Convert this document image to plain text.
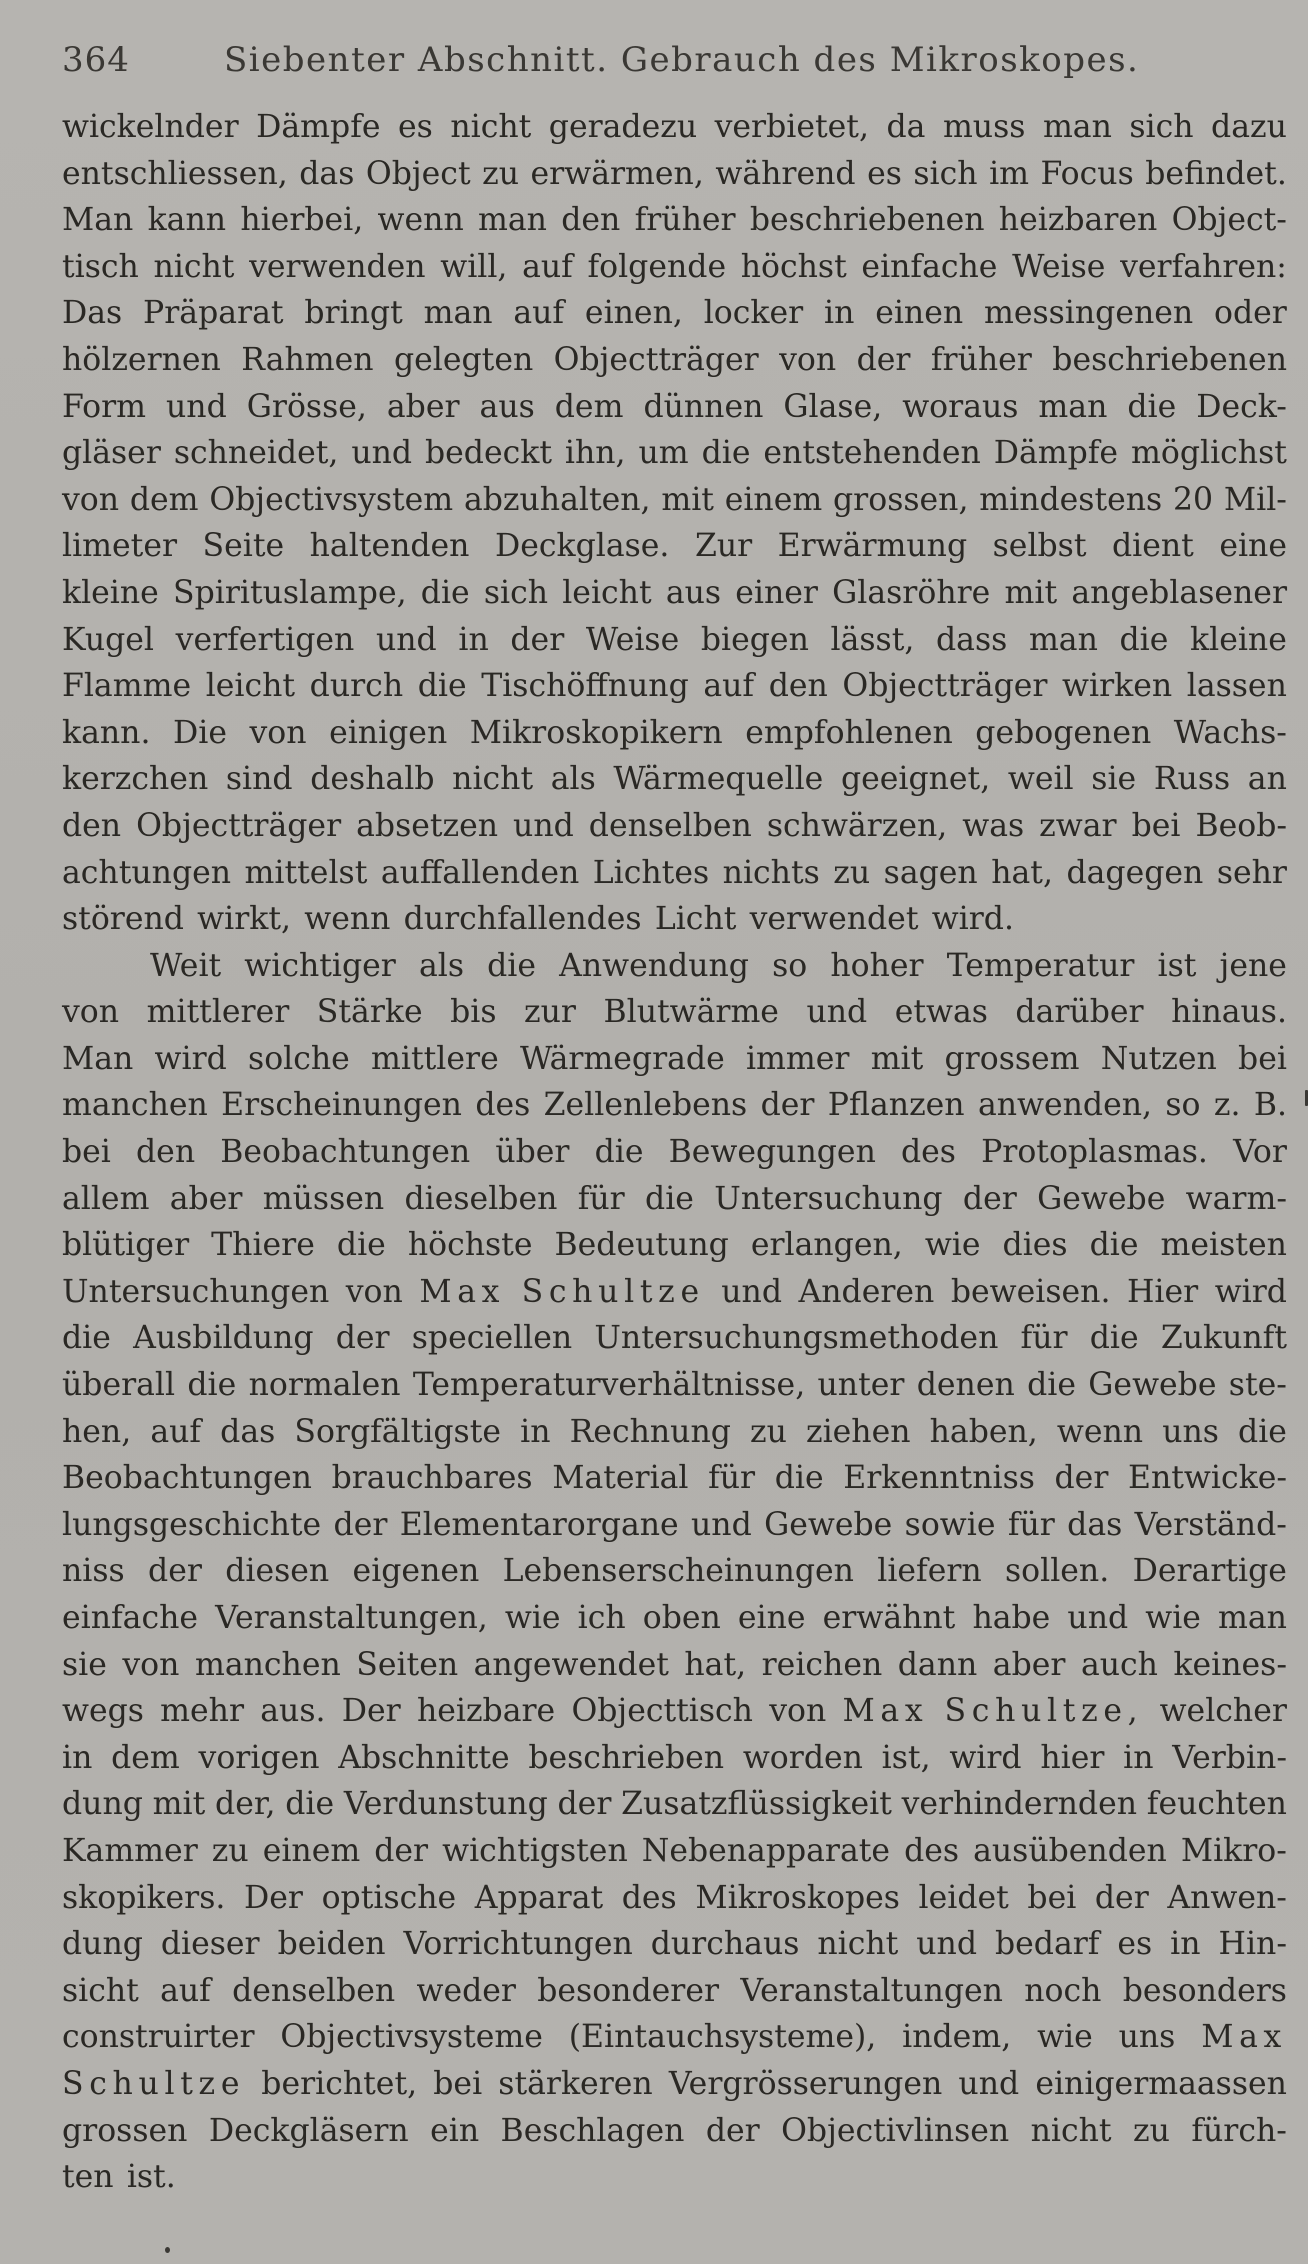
364	Siebenter Abschnitt. Gebrauch des Mikroskopes.
wickelnder Dämpfe es nicht geradezu verbietet, da muss man sich dazu
entschliessen, das Object zu erwärmen, während es sich im Focus befindet.
Man kann hierbei, wenn man den früher beschriebenen heizbaren Object-
tisch nicht verwenden will, auf folgende höchst einfache Weise verfahren:
Das Präparat bringt man auf einen, locker in einen messingenen oder
hölzernen Rahmen gelegten Objectträger von der früher beschriebenen
Form und Grösse, aber aus dem dünnen Glase, woraus man die Deck-
gläser schneidet, und bedeckt ihn, um die entstehenden Dämpfe möglichst
von dem Objectivsystem abzuhalten, mit einem grossen, mindestens 20 Mil-
limeter Seite haltenden Deckglase. Zur Erwärmung selbst dient eine
kleine Spirituslampe, die sich leicht aus einer Glasröhre mit angeblasener
Kugel verfertigen und in der Weise biegen lässt, dass man die kleine
Flamme leicht durch die Tischöffnung auf den Objectträger wirken lassen
kann. Die von einigen Mikroskopikern empfohlenen gebogenen Wachs-
kerzchen sind deshalb nicht als Wärmequelle geeignet, weil sie Russ an
den Objectträger absetzen und denselben schwärzen, was zwar bei Beob-
achtungen mittelst auffallenden Lichtes nichts zu sagen hat, dagegen sehr
störend wirkt, wenn durchfallendes Licht verwendet wird.
Weit wichtiger als die Anwendung so hoher Temperatur ist jene
von mittlerer Stärke bis zur Blutwärme und etwas darüber hinaus.
Man wird solche mittlere Wärmegrade immer mit grossem Nutzen bei
manchen Erscheinungen des Zellenlebens der Pflanzen anwenden, so z. B.
bei den Beobachtungen über die Bewegungen des Protoplasmas. Vor
allem aber müssen dieselben für die Untersuchung der Gewebe warm-
blütiger Thiere die höchste Bedeutung erlangen, wie dies die meisten
Untersuchungen von Max Schultze und Anderen beweisen. Hier wird
die Ausbildung der speciellen Untersuchungsmethoden für die Zukunft
überall die normalen Temperaturverhältnisse, unter denen die Gewebe ste-
hen, auf das Sorgfältigste in Rechnung zu ziehen haben, wenn uns die
Beobachtungen brauchbares Material für die Erkenntniss der Entwicke-
lungsgeschichte der Elementarorgane und Gewebe sowie für das Verständ-
niss der diesen eigenen Lebenserscheinungen liefern sollen. Derartige
einfache Veranstaltungen, wie ich oben eine erwähnt habe und wie man
sie von manchen Seiten angewendet hat, reichen dann aber auch keines-
wegs mehr aus. Der heizbare Objecttisch von Max Schultze, welcher
in dem vorigen Abschnitte beschrieben worden ist, wird hier in Verbin-
dung mit der, die Verdunstung der Zusatzflüssigkeit verhindernden feuchten
Kammer zu einem der wichtigsten Nebenapparate des ausübenden Mikro-
skopikers. Der optische Apparat des Mikroskopes leidet bei der Anwen-
dung dieser beiden Vorrichtungen durchaus nicht und bedarf es in Hin-
sicht auf denselben weder besonderer Veranstaltungen noch besonders
construirter Objectivsysteme (Eintauchsysteme), indem, wie uns Max
Schultze berichtet, bei stärkeren Vergrösserungen und einigermaassen
grossen Deckgläsern ein Beschlagen der Objectivlinsen nicht zu fürch-
ten ist.
